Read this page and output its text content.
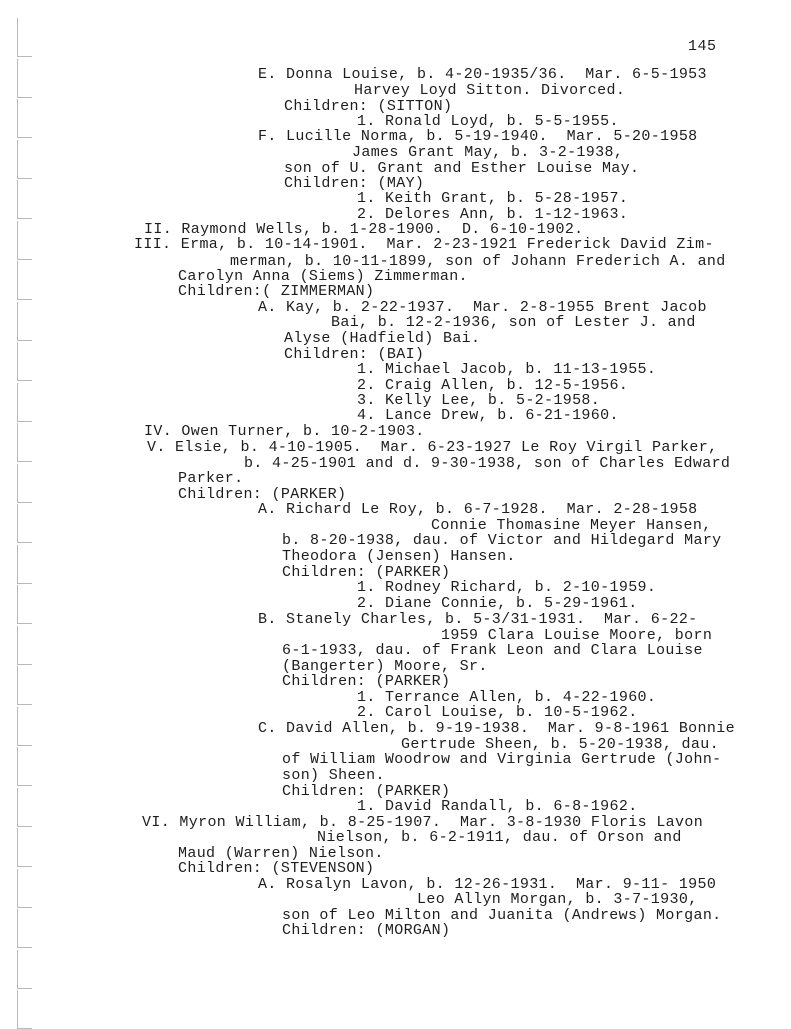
145
E. Donna Louise, b. 4-20-1935/36.  Mar. 6-5-1953
Harvey Loyd Sitton. Divorced.
Children: (SITTON)
1. Ronald Loyd, b. 5-5-1955.
F. Lucille Norma, b. 5-19-1940.  Mar. 5-20-1958
James Grant May, b. 3-2-1938,
son of U. Grant and Esther Louise May.
Children: (MAY)
1. Keith Grant, b. 5-28-1957.
2. Delores Ann, b. 1-12-1963.
II. Raymond Wells, b. 1-28-1900.  D. 6-10-1902.
III. Erma, b. 10-14-1901.  Mar. 2-23-1921 Frederick David Zim-
merman, b. 10-11-1899, son of Johann Frederich A. and
Carolyn Anna (Siems) Zimmerman.
Children:( ZIMMERMAN)
A. Kay, b. 2-22-1937.  Mar. 2-8-1955 Brent Jacob
Bai, b. 12-2-1936, son of Lester J. and
Alyse (Hadfield) Bai.
Children: (BAI)
1. Michael Jacob, b. 11-13-1955.
2. Craig Allen, b. 12-5-1956.
3. Kelly Lee, b. 5-2-1958.
4. Lance Drew, b. 6-21-1960.
IV. Owen Turner, b. 10-2-1903.
V. Elsie, b. 4-10-1905.  Mar. 6-23-1927 Le Roy Virgil Parker,
b. 4-25-1901 and d. 9-30-1938, son of Charles Edward
Parker.
Children: (PARKER)
A. Richard Le Roy, b. 6-7-1928.  Mar. 2-28-1958
Connie Thomasine Meyer Hansen,
b. 8-20-1938, dau. of Victor and Hildegard Mary
Theodora (Jensen) Hansen.
Children: (PARKER)
1. Rodney Richard, b. 2-10-1959.
2. Diane Connie, b. 5-29-1961.
B. Stanely Charles, b. 5-3/31-1931.  Mar. 6-22-
1959 Clara Louise Moore, born
6-1-1933, dau. of Frank Leon and Clara Louise
(Bangerter) Moore, Sr.
Children: (PARKER)
1. Terrance Allen, b. 4-22-1960.
2. Carol Louise, b. 10-5-1962.
C. David Allen, b. 9-19-1938.  Mar. 9-8-1961 Bonnie
Gertrude Sheen, b. 5-20-1938, dau.
of William Woodrow and Virginia Gertrude (John-
son) Sheen.
Children: (PARKER)
1. David Randall, b. 6-8-1962.
VI. Myron William, b. 8-25-1907.  Mar. 3-8-1930 Floris Lavon
Nielson, b. 6-2-1911, dau. of Orson and
Maud (Warren) Nielson.
Children: (STEVENSON)
A. Rosalyn Lavon, b. 12-26-1931.  Mar. 9-11- 1950
Leo Allyn Morgan, b. 3-7-1930,
son of Leo Milton and Juanita (Andrews) Morgan.
Children: (MORGAN)
